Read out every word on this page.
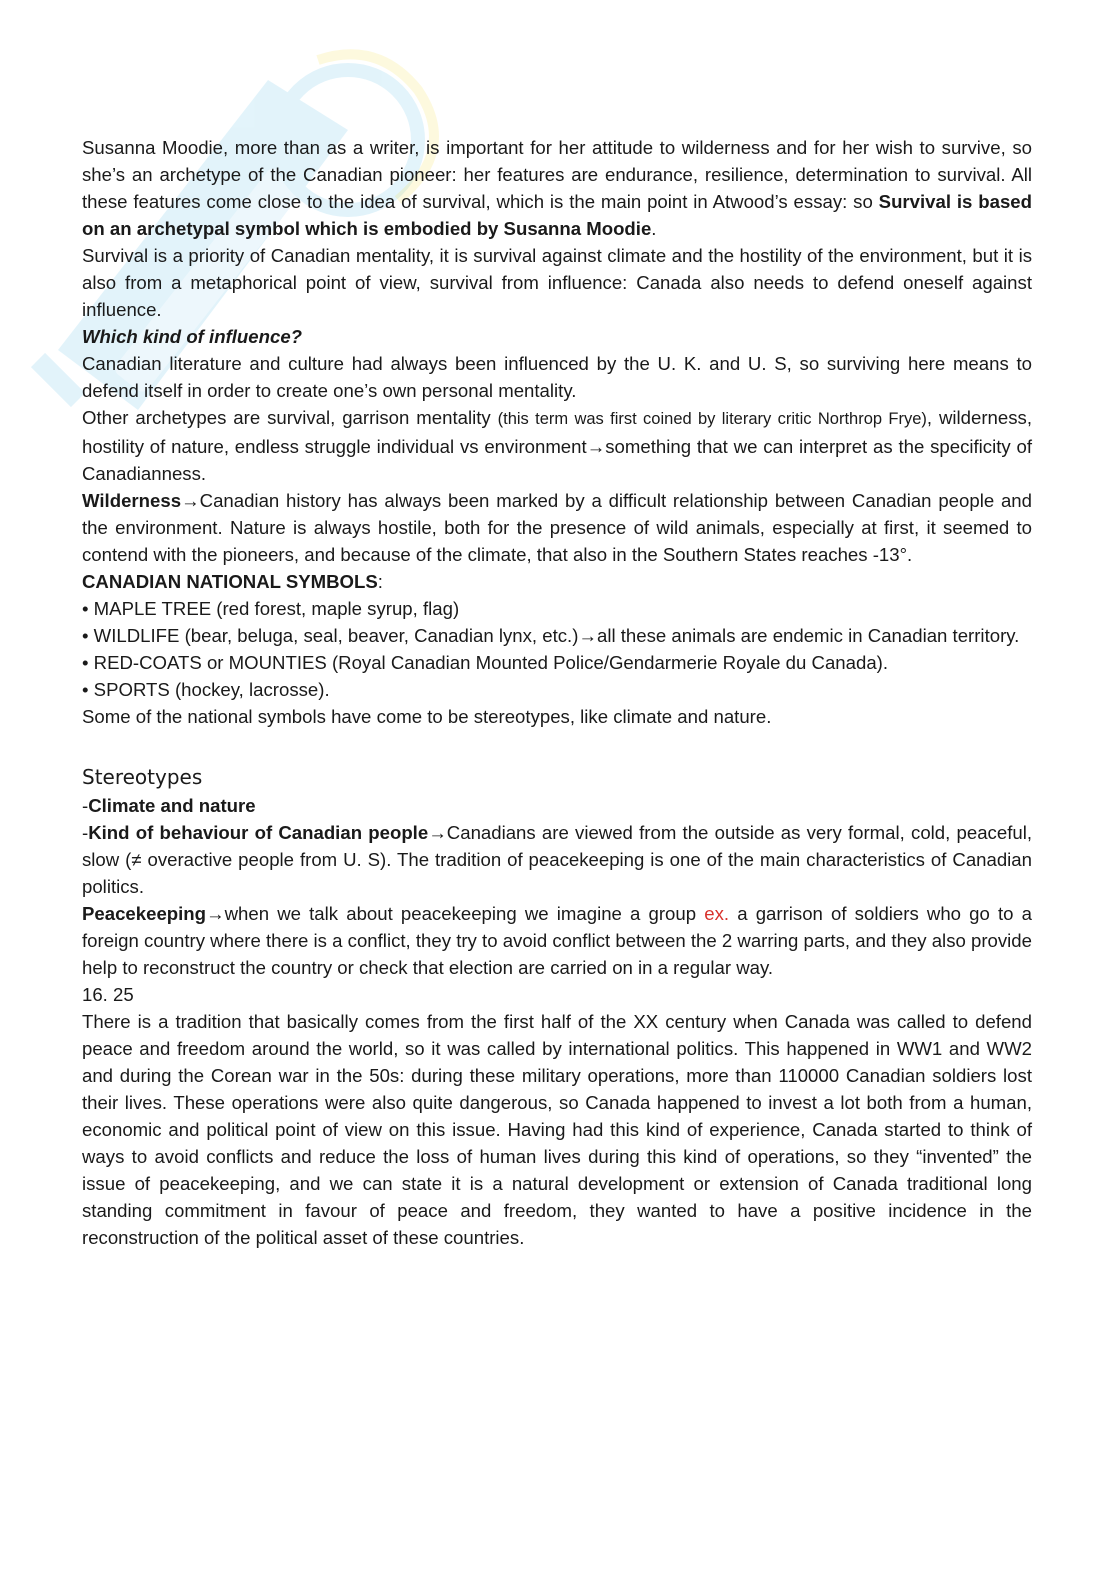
Susanna Moodie, more than as a writer, is important for her attitude to wilderness and for her wish to survive, so she’s an archetype of the Canadian pioneer: her features are endurance, resilience, determination to survival. All these features come close to the idea of survival, which is the main point in Atwood’s essay: so Survival is based on an archetypal symbol which is embodied by Susanna Moodie.

Survival is a priority of Canadian mentality, it is survival against climate and the hostility of the environment, but it is also from a metaphorical point of view, survival from influence: Canada also needs to defend oneself against influence.

Which kind of influence?

Canadian literature and culture had always been influenced by the U. K. and U. S, so surviving here means to defend itself in order to create one’s own personal mentality.

Other archetypes are survival, garrison mentality (this term was first coined by literary critic Northrop Frye), wilderness, hostility of nature, endless struggle individual vs environment→something that we can interpret as the specificity of Canadianness.

Wilderness→Canadian history has always been marked by a difficult relationship between Canadian people and the environment. Nature is always hostile, both for the presence of wild animals, especially at first, it seemed to contend with the pioneers, and because of the climate, that also in the Southern States reaches -13°.

CANADIAN NATIONAL SYMBOLS:

• MAPLE TREE (red forest, maple syrup, flag)

• WILDLIFE (bear, beluga, seal, beaver, Canadian lynx, etc.)→all these animals are endemic in Canadian territory.

• RED-COATS or MOUNTIES (Royal Canadian Mounted Police/Gendarmerie Royale du Canada).

• SPORTS (hockey, lacrosse).

Some of the national symbols have come to be stereotypes, like climate and nature.

Stereotypes

-Climate and nature

-Kind of behaviour of Canadian people→Canadians are viewed from the outside as very formal, cold, peaceful, slow (≠ overactive people from U. S). The tradition of peacekeeping is one of the main characteristics of Canadian politics.

Peacekeeping→when we talk about peacekeeping we imagine a group ex. a garrison of soldiers who go to a foreign country where there is a conflict, they try to avoid conflict between the 2 warring parts, and they also provide help to reconstruct the country or check that election are carried on in a regular way.

16. 25

There is a tradition that basically comes from the first half of the XX century when Canada was called to defend peace and freedom around the world, so it was called by international politics. This happened in WW1 and WW2 and during the Corean war in the 50s: during these military operations, more than 110000 Canadian soldiers lost their lives. These operations were also quite dangerous, so Canada happened to invest a lot both from a human, economic and political point of view on this issue. Having had this kind of experience, Canada started to think of ways to avoid conflicts and reduce the loss of human lives during this kind of operations, so they “invented” the issue of peacekeeping, and we can state it is a natural development or extension of Canada traditional long standing commitment in favour of peace and freedom, they wanted to have a positive incidence in the reconstruction of the political asset of these countries.
